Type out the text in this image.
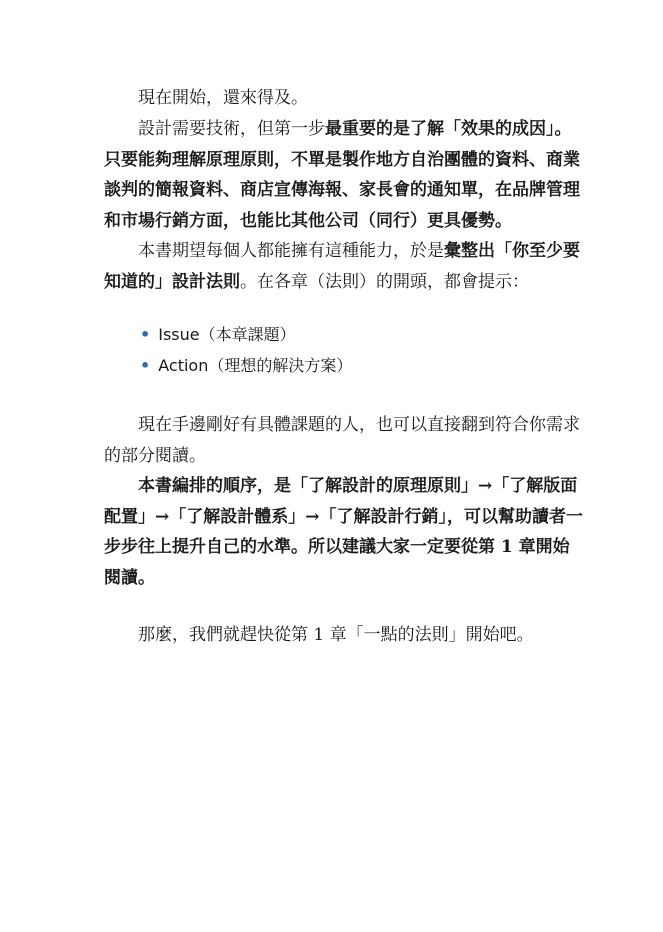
　　現在開始，還來得及。

　　設計需要技術，但第一步最重要的是了解「效果的成因」。只要能夠理解原理原則，不單是製作地方自治團體的資料、商業談判的簡報資料、商店宣傳海報、家長會的通知單，在品牌管理和市場行銷方面，也能比其他公司（同行）更具優勢。

　　本書期望每個人都能擁有這種能力，於是彙整出「你至少要知道的」設計法則。在各章（法則）的開頭，都會提示：

• Issue（本章課題）
• Action（理想的解決方案）

　　現在手邊剛好有具體課題的人，也可以直接翻到符合你需求的部分閱讀。

　　本書編排的順序，是「了解設計的原理原則」→「了解版面配置」→「了解設計體系」→「了解設計行銷」，可以幫助讀者一步步往上提升自己的水準。所以建議大家一定要從第 1 章開始閱讀。

　　那麼，我們就趕快從第 1 章「一點的法則」開始吧。
